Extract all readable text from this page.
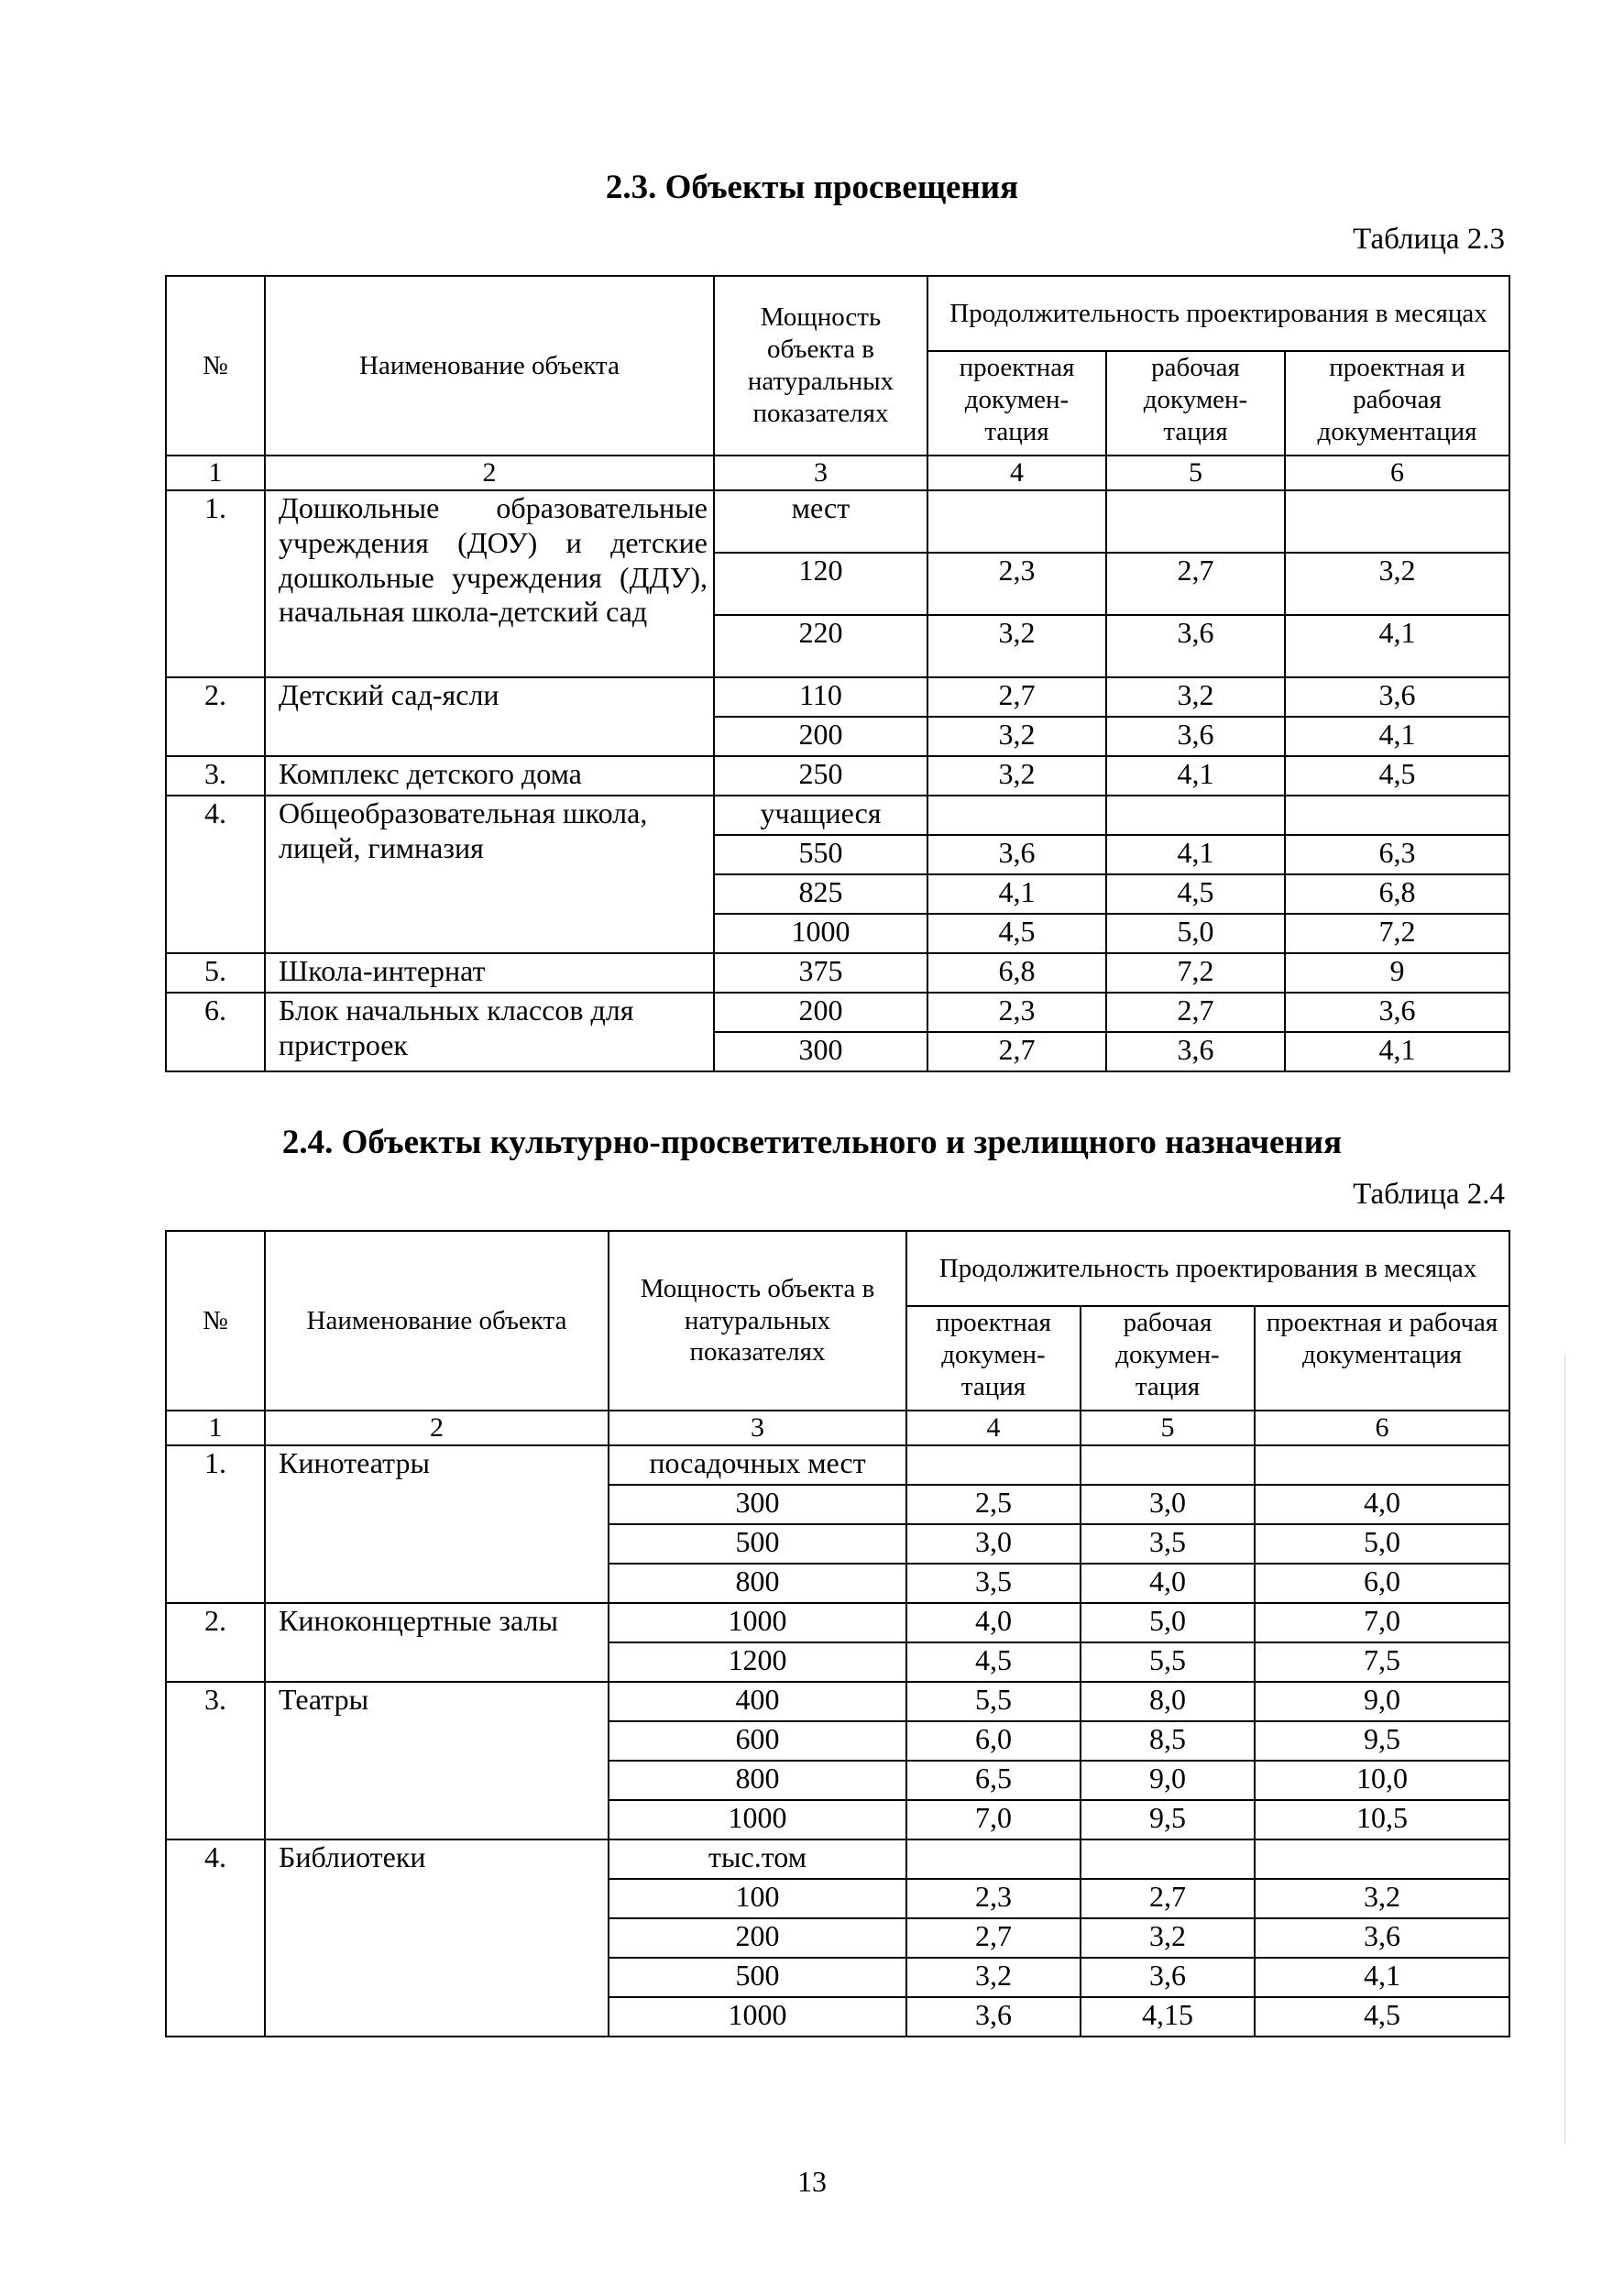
2.3. Объекты просвещения

Таблица 2.3

№	Наименование объекта	Мощность объекта в натуральных показателях	Продолжительность проектирования в месяцах		
			проектная докумен-тация	рабочая докумен-тация	проектная и рабочая документация
1	2	3	4	5	6
1.	Дошкольные образовательные учреждения (ДОУ) и детские дошкольные учреждения (ДДУ), начальная школа-детский сад	мест			
		120	2,3	2,7	3,2
		220	3,2	3,6	4,1
2.	Детский сад-ясли	110	2,7	3,2	3,6
		200	3,2	3,6	4,1
3.	Комплекс детского дома	250	3,2	4,1	4,5
4.	Общеобразовательная школа, лицей, гимназия	учащиеся			
		550	3,6	4,1	6,3
		825	4,1	4,5	6,8
		1000	4,5	5,0	7,2
5.	Школа-интернат	375	6,8	7,2	9
6.	Блок начальных классов для пристроек	200	2,3	2,7	3,6
		300	2,7	3,6	4,1
2.4. Объекты культурно-просветительного и зрелищного назначения

Таблица 2.4

№	Наименование объекта	Мощность объекта в натуральных показателях	Продолжительность проектирования в месяцах		
			проектная докумен-тация	рабочая докумен-тация	проектная и рабочая документация
1	2	3	4	5	6
1.	Кинотеатры	посадочных мест			
		300	2,5	3,0	4,0
		500	3,0	3,5	5,0
		800	3,5	4,0	6,0
2.	Киноконцертные залы	1000	4,0	5,0	7,0
		1200	4,5	5,5	7,5
3.	Театры	400	5,5	8,0	9,0
		600	6,0	8,5	9,5
		800	6,5	9,0	10,0
		1000	7,0	9,5	10,5
4.	Библиотеки	тыс.том			
		100	2,3	2,7	3,2
		200	2,7	3,2	3,6
		500	3,2	3,6	4,1
		1000	3,6	4,15	4,5

13
